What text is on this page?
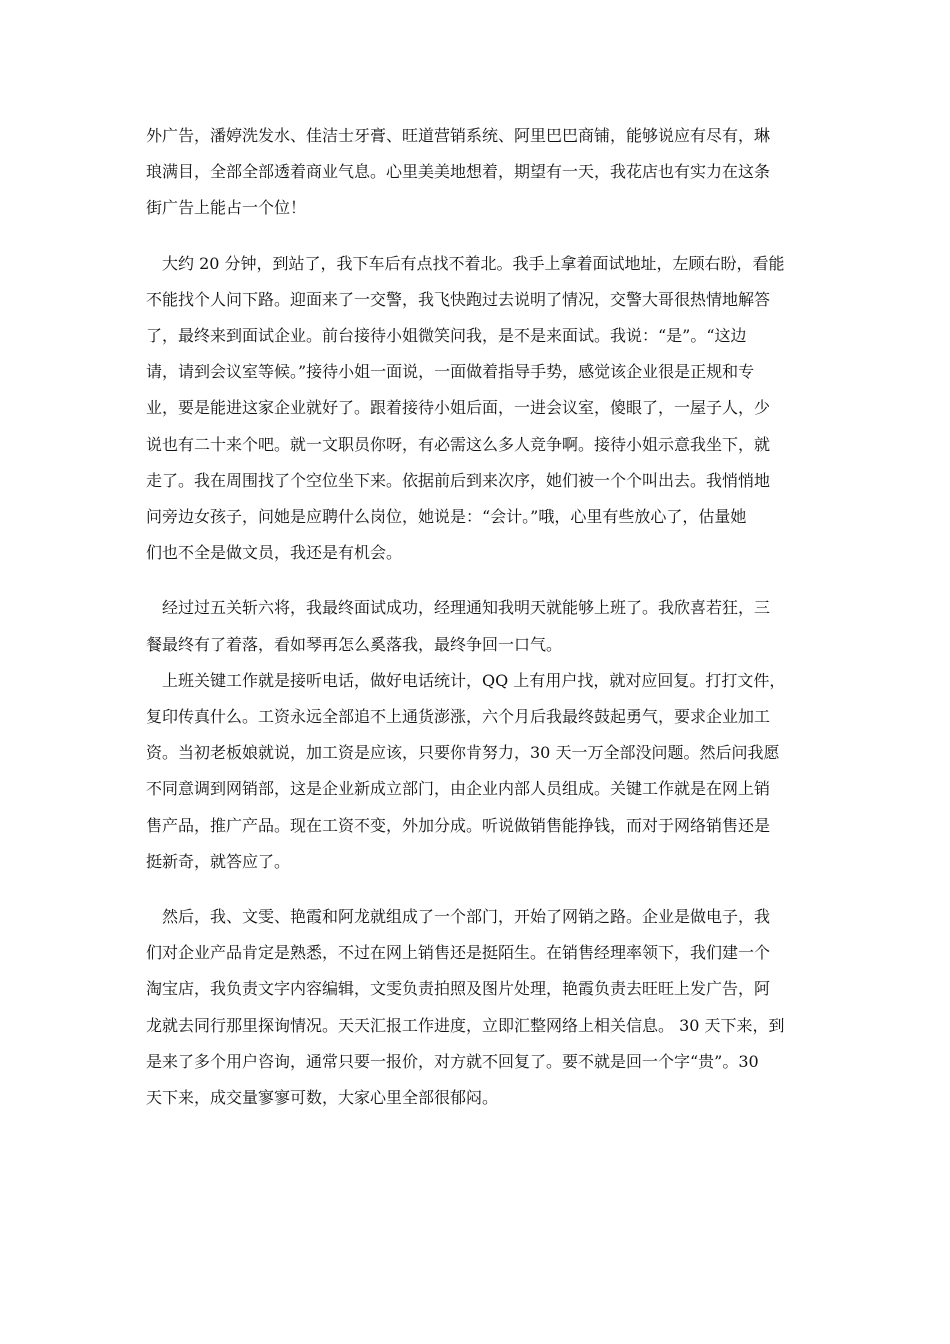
外广告，潘婷洗发水、佳洁士牙膏、旺道营销系统、阿里巴巴商铺，能够说应有尽有，琳
琅满目，全部全部透着商业气息。心里美美地想着，期望有一天，我花店也有实力在这条
街广告上能占一个位！

大约 20 分钟，到站了，我下车后有点找不着北。我手上拿着面试地址，左顾右盼，看能
不能找个人问下路。迎面来了一交警，我飞快跑过去说明了情况，交警大哥很热情地解答
了，最终来到面试企业。前台接待小姐微笑问我，是不是来面试。我说：“是”。“这边
请，请到会议室等候。”接待小姐一面说，一面做着指导手势，感觉该企业很是正规和专
业，要是能进这家企业就好了。跟着接待小姐后面，一进会议室，傻眼了，一屋子人，少
说也有二十来个吧。就一文职员你呀，有必需这么多人竞争啊。接待小姐示意我坐下，就
走了。我在周围找了个空位坐下来。依据前后到来次序，她们被一个个叫出去。我悄悄地
问旁边女孩子，问她是应聘什么岗位，她说是：“会计。”哦，心里有些放心了，估量她
们也不全是做文员，我还是有机会。

经过过五关斩六将，我最终面试成功，经理通知我明天就能够上班了。我欣喜若狂，三
餐最终有了着落，看如琴再怎么奚落我，最终争回一口气。

上班关键工作就是接听电话，做好电话统计，QQ 上有用户找，就对应回复。打打文件，
复印传真什么。工资永远全部追不上通货澎涨，六个月后我最终鼓起勇气，要求企业加工
资。当初老板娘就说，加工资是应该，只要你肯努力，30 天一万全部没问题。然后问我愿
不同意调到网销部，这是企业新成立部门，由企业内部人员组成。关键工作就是在网上销
售产品，推广产品。现在工资不变，外加分成。听说做销售能挣钱，而对于网络销售还是
挺新奇，就答应了。

然后，我、文雯、艳霞和阿龙就组成了一个部门，开始了网销之路。企业是做电子，我
们对企业产品肯定是熟悉，不过在网上销售还是挺陌生。在销售经理率领下，我们建一个
淘宝店，我负责文字内容编辑，文雯负责拍照及图片处理，艳霞负责去旺旺上发广告，阿
龙就去同行那里探询情况。天天汇报工作进度，立即汇整网络上相关信息。 30 天下来，到
是来了多个用户咨询，通常只要一报价，对方就不回复了。要不就是回一个字“贵”。30
天下来，成交量寥寥可数，大家心里全部很郁闷。
